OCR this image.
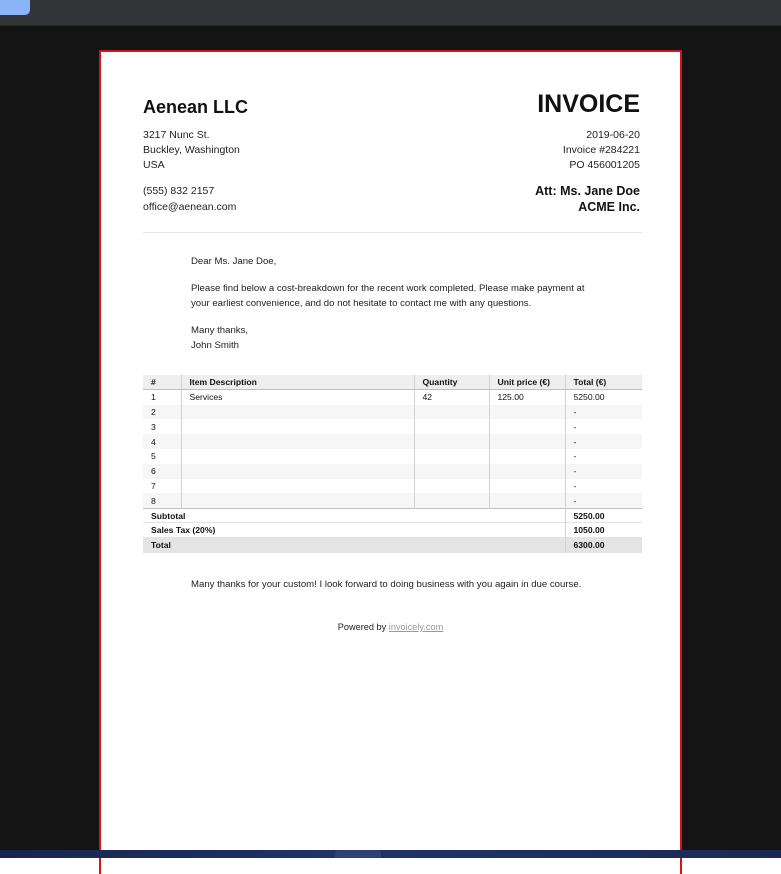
Aenean LLC	INVOICE
3217 Nunc St.
Buckley, Washington
USA
(555) 832 2157
office@aenean.com
2019-06-20
Invoice #284221
PO 456001205
Att: Ms. Jane Doe
ACME Inc.
Dear Ms. Jane Doe,
Please find below a cost-breakdown for the recent work completed. Please make payment at
your earliest convenience, and do not hesitate to contact me with any questions.
Many thanks,
John Smith
#	Item Description	Quantity	Unit price (€)	Total (€)
1	Services	42	125.00	5250.00
2				-
3				-
4				-
5				-
6				-
7				-
8				-
Subtotal				5250.00
Sales Tax (20%)				1050.00
Total				6300.00
Many thanks for your custom! I look forward to doing business with you again in due course.
Powered by invoicely.com
